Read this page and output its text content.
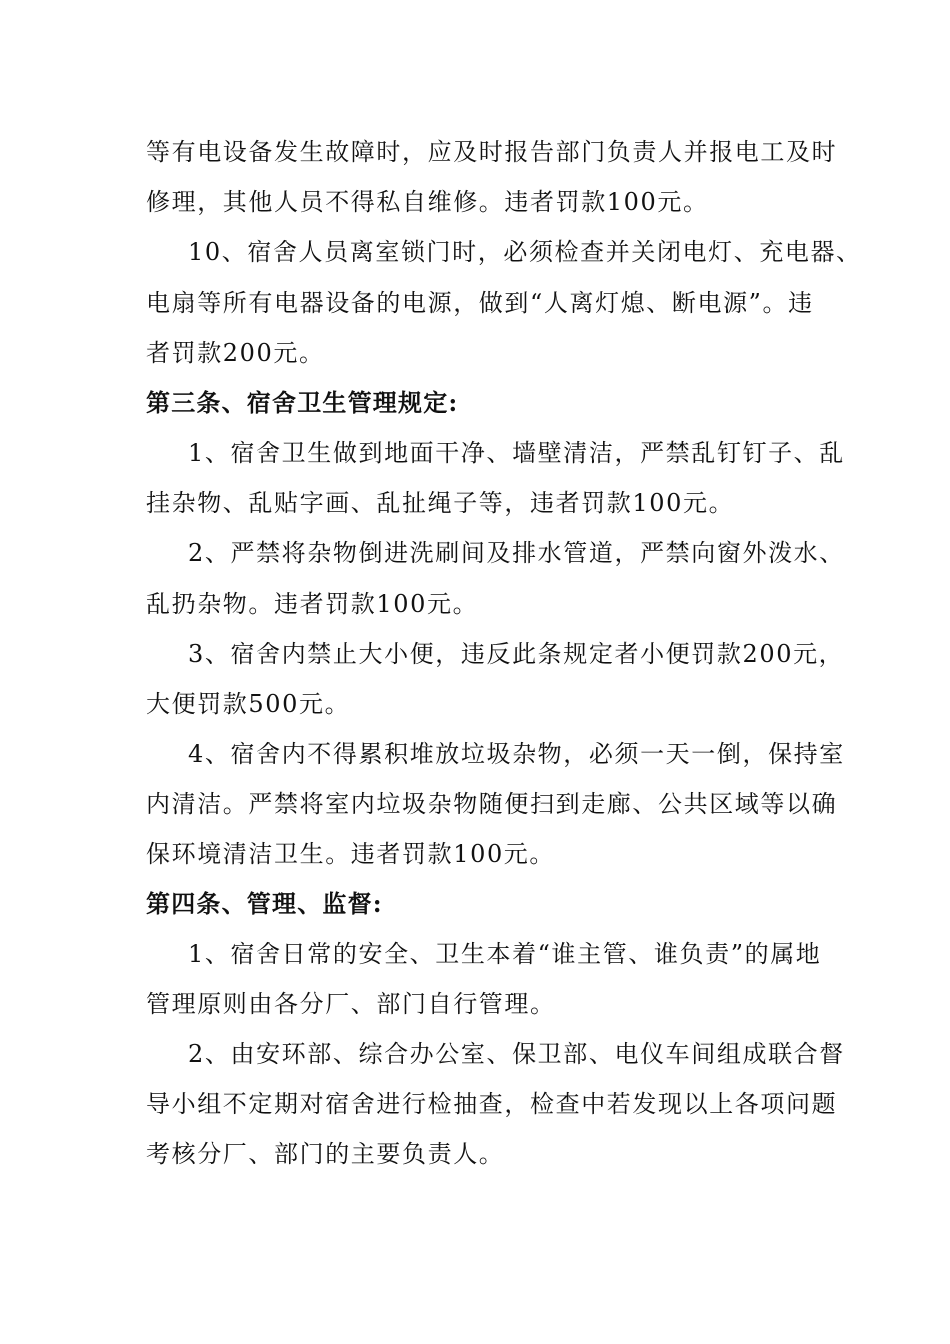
等有电设备发生故障时，应及时报告部门负责人并报电工及时
修理，其他人员不得私自维修。违者罚款100元。
10、宿舍人员离室锁门时，必须检查并关闭电灯、充电器、
电扇等所有电器设备的电源，做到“人离灯熄、断电源”。违
者罚款200元。
第三条、宿舍卫生管理规定:
1、宿舍卫生做到地面干净、墙壁清洁，严禁乱钉钉子、乱
挂杂物、乱贴字画、乱扯绳子等，违者罚款100元。
2、严禁将杂物倒进洗刷间及排水管道，严禁向窗外泼水、
乱扔杂物。违者罚款100元。
3、宿舍内禁止大小便，违反此条规定者小便罚款200元，
大便罚款500元。
4、宿舍内不得累积堆放垃圾杂物，必须一天一倒，保持室
内清洁。严禁将室内垃圾杂物随便扫到走廊、公共区域等以确
保环境清洁卫生。违者罚款100元。
第四条、管理、监督:
1、宿舍日常的安全、卫生本着“谁主管、谁负责”的属地
管理原则由各分厂、部门自行管理。
2、由安环部、综合办公室、保卫部、电仪车间组成联合督
导小组不定期对宿舍进行检抽查，检查中若发现以上各项问题
考核分厂、部门的主要负责人。
